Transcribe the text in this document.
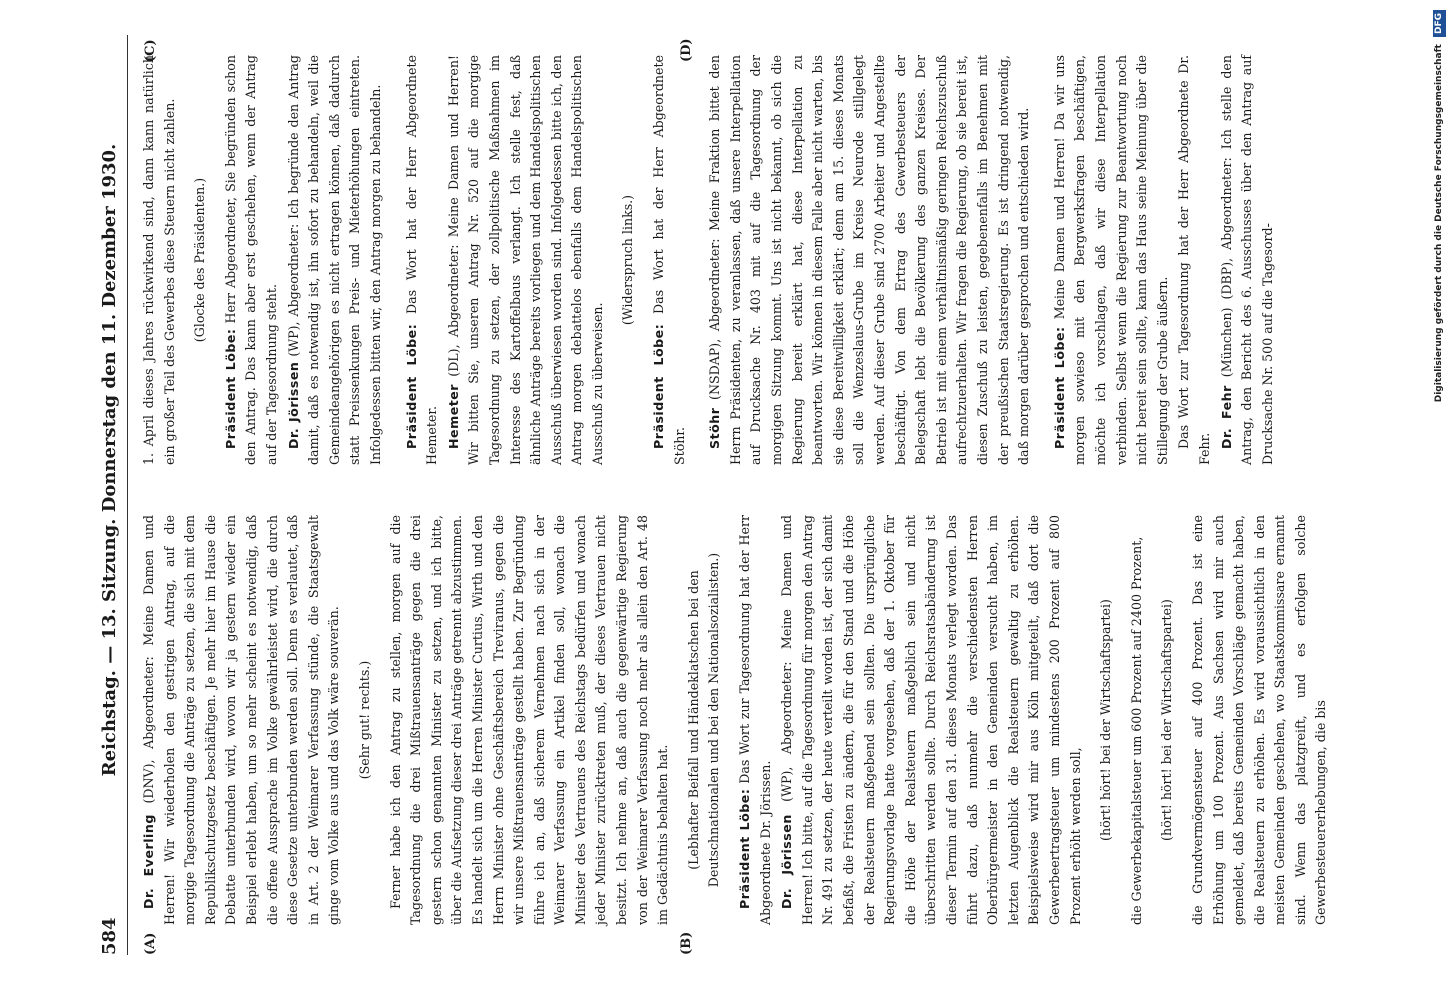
584
Reichstag. — 13. Sitzung. Donnerstag den 11. Dezember 1930.
(A)	(B)
(C)	(D)

Dr. Everling (DNV), Abgeordneter: Meine Damen und Herren! Wir wiederholen den gestrigen Antrag, auf die morgige Tagesordnung die Anträge zu setzen, die sich mit dem Republikschutzgesetz beschäftigen. Je mehr hier im Hause die Debatte unterbunden wird, wovon wir ja gestern wieder ein Beispiel erlebt haben, um so mehr scheint es notwendig, daß die offene Aussprache im Volke gewährleistet wird, die durch diese Gesetze unterbunden werden soll. Denn es verlautet, daß in Art. 2 der Weimarer Verfassung stünde, die Staatsgewalt ginge vom Volke aus und das Volk wäre souverän. (Sehr gut! rechts.) Ferner habe ich den Antrag zu stellen, morgen auf die Tagesordnung die drei Mißtrauensanträge gegen die drei gestern schon genannten Minister zu setzen, und ich bitte, über die Aufsetzung dieser drei Anträge getrennt abzustimmen. Es handelt sich um die Herren Minister Curtius, Wirth und den Herrn Minister ohne Geschäftsbereich Treviranus, gegen die wir unsere Mißtrauensanträge gestellt haben. Zur Begründung führe ich an, daß sicherem Vernehmen nach sich in der Weimarer Verfassung ein Artikel finden soll, wonach die Minister des Vertrauens des Reichstags bedürfen und wonach jeder Minister zurücktreten muß, der dieses Vertrauen nicht besitzt. Ich nehme an, daß auch die gegenwärtige Regierung von der Weimarer Verfassung noch mehr als allein den Art. 48 im Gedächtnis behalten hat. (Lebhafter Beifall und Händeklatschen bei den Deutschnationalen und bei den Nationalsozialisten.) Präsident Löbe: Das Wort zur Tagesordnung hat der Herr Abgeordnete Dr. Jörissen. Dr. Jörissen (WP), Abgeordneter: Meine Damen und Herren! Ich bitte, auf die Tagesordnung für morgen den Antrag Nr. 491 zu setzen, der heute verteilt worden ist, der sich damit befaßt, die Fristen zu ändern, die für den Stand und die Höhe der Realsteuern maßgebend sein sollten. Die ursprüngliche Regierungsvorlage hatte vorgesehen, daß der 1. Oktober für die Höhe der Realsteuern maßgeblich sein und nicht überschritten werden sollte. Durch Reichsratsabänderung ist dieser Termin auf den 31. dieses Monats verlegt worden. Das führt dazu, daß nunmehr die verschiedensten Herren Oberbürgermeister in den Gemeinden versucht haben, im letzten Augenblick die Realsteuern gewaltig zu erhöhen. Beispielsweise wird mir aus Köln mitgeteilt, daß dort die Gewerbeertragsteuer um mindestens 200 Prozent auf 800 Prozent erhöht werden soll, (hört! hört! bei der Wirtschaftspartei) die Gewerbekapitalsteuer um 600 Prozent auf 2400 Prozent, (hört! hört! bei der Wirtschaftspartei) die Grundvermögensteuer auf 400 Prozent. Das ist eine Erhöhung um 100 Prozent. Aus Sachsen wird mir auch gemeldet, daß bereits Gemeinden Vorschläge gemacht haben, die Realsteuern zu erhöhen. Es wird voraussichtlich in den meisten Gemeinden geschehen, wo Staatskommissare ernannt sind. Wenn das platzgreift, und es erfolgen solche Gewerbesteuererhebungen, die bis

1. April dieses Jahres rückwirkend sind, dann kann natürlich ein großer Teil des Gewerbes diese Steuern nicht zahlen. (Glocke des Präsidenten.)

Präsident Löbe: Herr Abgeordneter, Sie begründen schon den Antrag. Das kann aber erst geschehen, wenn der Antrag auf der Tagesordnung steht. Dr. Jörissen (WP), Abgeordneter: Ich begründe den Antrag damit, daß es notwendig ist, ihn sofort zu behandeln, weil die Gemeindeangehörigen es nicht ertragen können, daß dadurch statt Preissenkungen Preis- und Mieterhöhungen eintreten. Infolgedessen bitten wir, den Antrag morgen zu behandeln. Präsident Löbe: Das Wort hat der Herr Abgeordnete Hemeter. Hemeter (DL), Abgeordneter: Meine Damen und Herren! Wir bitten Sie, unseren Antrag Nr. 520 auf die morgige Tagesordnung zu setzen, der zollpolitische Maßnahmen im Interesse des Kartoffelbaus verlangt. Ich stelle fest, daß ähnliche Anträge bereits vorliegen und dem Handelspolitischen Ausschuß überwiesen worden sind. Infolgedessen bitte ich, den Antrag morgen debattelos ebenfalls dem Handelspolitischen Ausschuß zu überweisen.

(Widerspruch links.)

Präsident Löbe: Das Wort hat der Herr Abgeordnete Stöhr. Stöhr (NSDAP), Abgeordneter: Meine Fraktion bittet den Herrn Präsidenten, zu veranlassen, daß unsere Interpellation auf Drucksache Nr. 403 mit auf die Tagesordnung der morgigen Sitzung kommt. Uns ist nicht bekannt, ob sich die Regierung bereit erklärt hat, diese Interpellation zu beantworten. Wir können in diesem Falle aber nicht warten, bis sie diese Bereitwilligkeit erklärt; denn am 15. dieses Monats soll die Wenzeslaus-Grube im Kreise Neurode stillgelegt werden. Auf dieser Grube sind 2700 Arbeiter und Angestellte beschäftigt. Von dem Ertrag des Gewerbesteuers der Belegschaft lebt die Bevölkerung des ganzen Kreises. Der Betrieb ist mit einem verhältnismäßig geringen Reichszuschuß aufrechtzuerhalten. Wir fragen die Regierung, ob sie bereit ist, diesen Zuschuß zu leisten, gegebenenfalls im Benehmen mit der preußischen Staatsregierung. Es ist dringend notwendig, daß morgen darüber gesprochen und entschieden wird. Präsident Löbe: Meine Damen und Herren! Da wir uns morgen sowieso mit den Bergwerksfragen beschäftigen, möchte ich vorschlagen, daß wir diese Interpellation verbinden. Selbst wenn die Regierung zur Beantwortung noch nicht bereit sein sollte, kann das Haus seine Meinung über die Stillegung der Grube äußern. Das Wort zur Tagesordnung hat der Herr Abgeordnete Dr. Fehr. Dr. Fehr (München) (DBP), Abgeordneter: Ich stelle den Antrag, den Bericht des 6. Ausschusses über den Antrag auf Drucksache Nr. 500 auf die Tagesord-	Digitalisierung gefördert durch die Deutsche Forschungsgemeinschaft DFG
